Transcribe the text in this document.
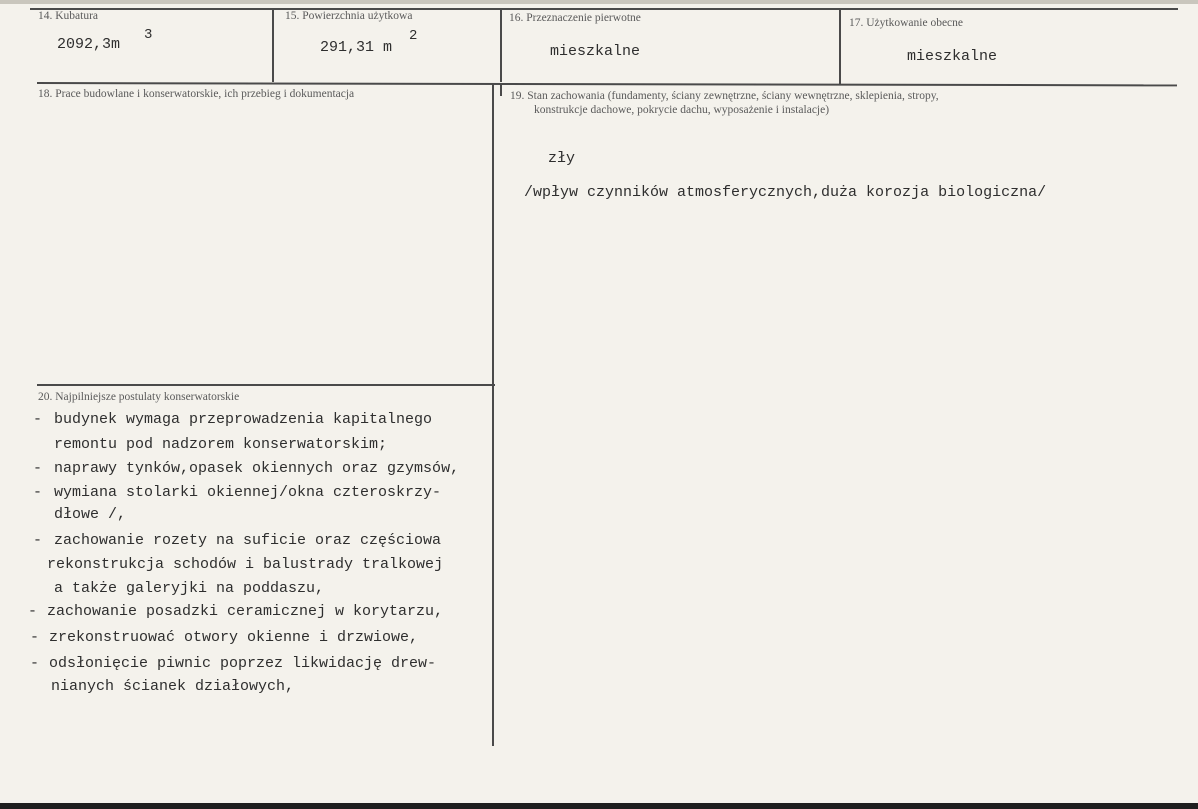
14. Kubatura
2092,3m
3
15. Powierzchnia użytkowa
291,31 m
2
16. Przeznaczenie pierwotne
mieszkalne
17. Użytkowanie obecne
mieszkalne
18. Prace budowlane i konserwatorskie, ich przebieg i dokumentacja	19. Stan zachowania (fundamenty, ściany zewnętrzne, ściany wewnętrzne, sklepienia, stropy,
konstrukcje dachowe, pokrycie dachu, wyposażenie i instalacje)
zły
/wpływ czynników atmosferycznych,duża korozja biologiczna/
20. Najpilniejsze postulaty konserwatorskie
- budynek wymaga przeprowadzenia kapitalnego
remontu pod nadzorem konserwatorskim;
- naprawy tynków,opasek okiennych oraz gzymsów,
- wymiana stolarki okiennej/okna czteroskrzy-
dłowe /,
- zachowanie rozety na suficie oraz częściowa
rekonstrukcja schodów i balustrady tralkowej
a także galeryjki na poddaszu,
- zachowanie posadzki ceramicznej w korytarzu,
- zrekonstruować otwory okienne i drzwiowe,
- odsłonięcie piwnic poprzez likwidację drew-
nianych ścianek działowych,
